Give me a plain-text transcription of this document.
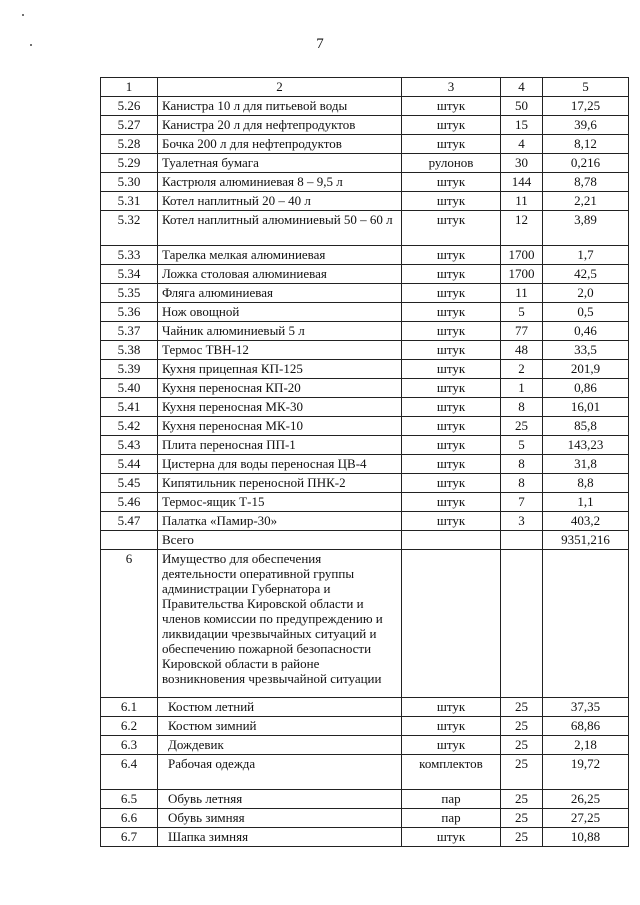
7
1	2	3	4	5
5.26	Канистра 10 л для питьевой воды	штук	50	17,25
5.27	Канистра 20 л для нефтепродуктов	штук	15	39,6
5.28	Бочка 200 л для нефтепродуктов	штук	4	8,12
5.29	Туалетная бумага	рулонов	30	0,216
5.30	Кастрюля алюминиевая 8 – 9,5 л	штук	144	8,78
5.31	Котел наплитный 20 – 40 л	штук	11	2,21
5.32	Котел наплитный алюминиевый 50 – 60 л	штук	12	3,89
5.33	Тарелка мелкая алюминиевая	штук	1700	1,7
5.34	Ложка столовая алюминиевая	штук	1700	42,5
5.35	Фляга алюминиевая	штук	11	2,0
5.36	Нож овощной	штук	5	0,5
5.37	Чайник алюминиевый 5 л	штук	77	0,46
5.38	Термос ТВН-12	штук	48	33,5
5.39	Кухня прицепная КП-125	штук	2	201,9
5.40	Кухня переносная КП-20	штук	1	0,86
5.41	Кухня переносная МК-30	штук	8	16,01
5.42	Кухня переносная МК-10	штук	25	85,8
5.43	Плита переносная ПП-1	штук	5	143,23
5.44	Цистерна для воды переносная ЦВ-4	штук	8	31,8
5.45	Кипятильник переносной ПНК-2	штук	8	8,8
5.46	Термос-ящик Т-15	штук	7	1,1
5.47	Палатка «Памир-30»	штук	3	403,2
	Всего			9351,216
6	Имущество для обеспечения деятельности оперативной группы администрации Губернатора и Правительства Кировской области и членов комиссии по предупреждению и ликвидации чрезвычайных ситуаций и обеспечению пожарной безопасности Кировской области в районе возникновения чрезвычайной ситуации			
6.1	Костюм летний	штук	25	37,35
6.2	Костюм зимний	штук	25	68,86
6.3	Дождевик	штук	25	2,18
6.4	Рабочая одежда	комплектов	25	19,72
6.5	Обувь летняя	пар	25	26,25
6.6	Обувь зимняя	пар	25	27,25
6.7	Шапка зимняя	штук	25	10,88
